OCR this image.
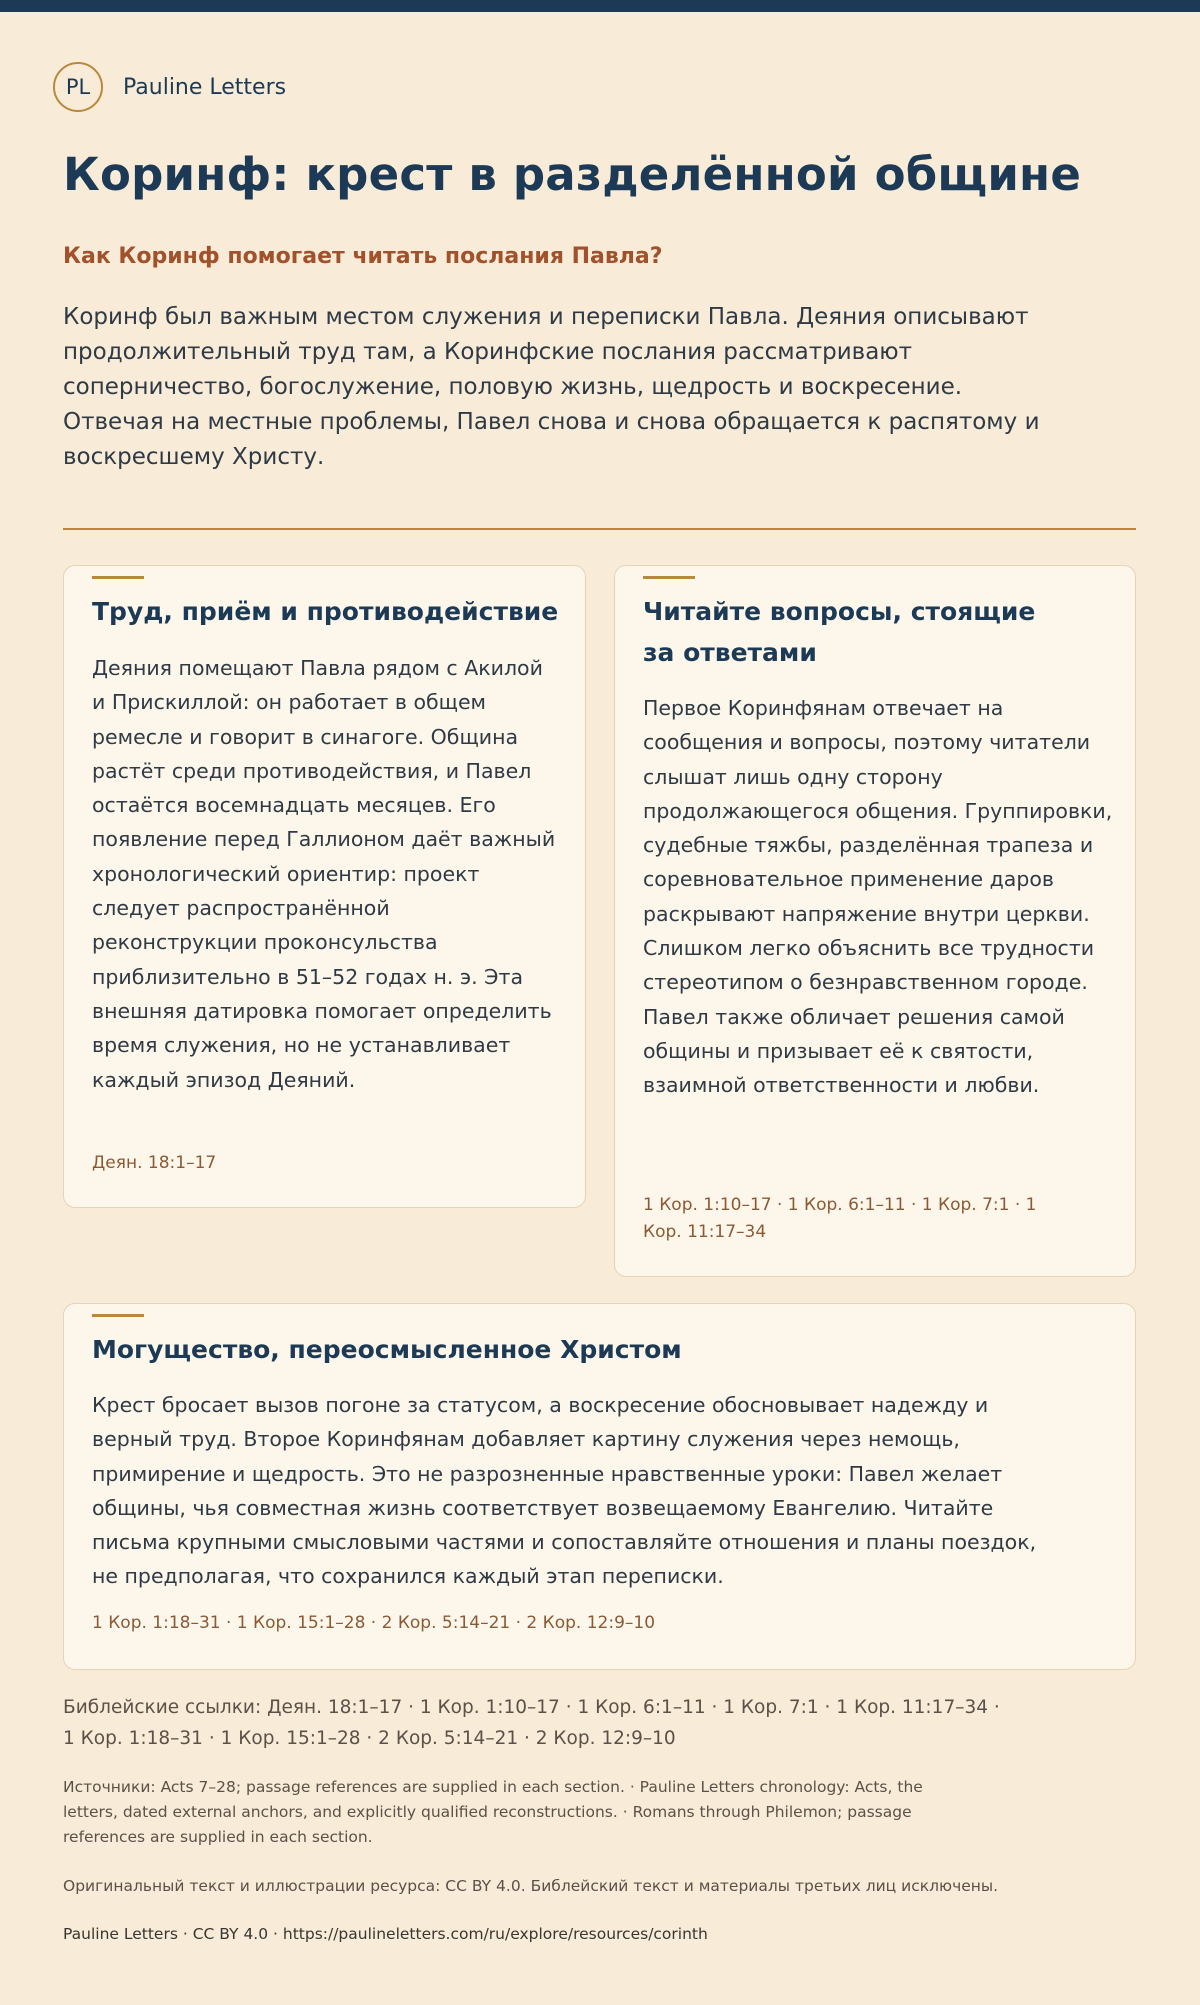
PL	Pauline Letters
Коринф: крест в разделённой общине
Как Коринф помогает читать послания Павла?

Коринф был важным местом служения и переписки Павла. Деяния описывают продолжительный труд там, а Коринфские послания рассматривают соперничество, богослужение, половую жизнь, щедрость и воскресение. Отвечая на местные проблемы, Павел снова и снова обращается к распятому и воскресшему Христу.

Труд, приём и противодействие

Деяния помещают Павла рядом с Акилой и Прискиллой: он работает в общем ремесле и говорит в синагоге. Община растёт среди противодействия, и Павел остаётся восемнадцать месяцев. Его появление перед Галлионом даёт важный хронологический ориентир: проект следует распространённой реконструкции проконсульства приблизительно в 51–52 годах н. э. Эта внешняя датировка помогает определить время служения, но не устанавливает каждый эпизод Деяний.

Деян. 18:1–17
Читайте вопросы, стоящие за ответами

Первое Коринфянам отвечает на сообщения и вопросы, поэтому читатели слышат лишь одну сторону продолжающегося общения. Группировки, судебные тяжбы, разделённая трапеза и соревновательное применение даров раскрывают напряжение внутри церкви. Слишком легко объяснить все трудности стереотипом о безнравственном городе. Павел также обличает решения самой общины и призывает её к святости, взаимной ответственности и любви.

1 Кор. 1:10–17 · 1 Кор. 6:1–11 · 1 Кор. 7:1 · 1 Кор. 11:17–34
Могущество, переосмысленное Христом

Крест бросает вызов погоне за статусом, а воскресение обосновывает надежду и верный труд. Второе Коринфянам добавляет картину служения через немощь, примирение и щедрость. Это не разрозненные нравственные уроки: Павел желает общины, чья совместная жизнь соответствует возвещаемому Евангелию. Читайте письма крупными смысловыми частями и сопоставляйте отношения и планы поездок, не предполагая, что сохранился каждый этап переписки.

1 Кор. 1:18–31 · 1 Кор. 15:1–28 · 2 Кор. 5:14–21 · 2 Кор. 12:9–10

Библейские ссылки: Деян. 18:1–17 · 1 Кор. 1:10–17 · 1 Кор. 6:1–11 · 1 Кор. 7:1 · 1 Кор. 11:17–34 · 1 Кор. 1:18–31 · 1 Кор. 15:1–28 · 2 Кор. 5:14–21 · 2 Кор. 12:9–10

Источники: Acts 7–28; passage references are supplied in each section. · Pauline Letters chronology: Acts, the letters, dated external anchors, and explicitly qualified reconstructions. · Romans through Philemon; passage references are supplied in each section.

Оригинальный текст и иллюстрации ресурса: CC BY 4.0. Библейский текст и материалы третьих лиц исключены.

Pauline Letters · CC BY 4.0 · https://paulineletters.com/ru/explore/resources/corinth
